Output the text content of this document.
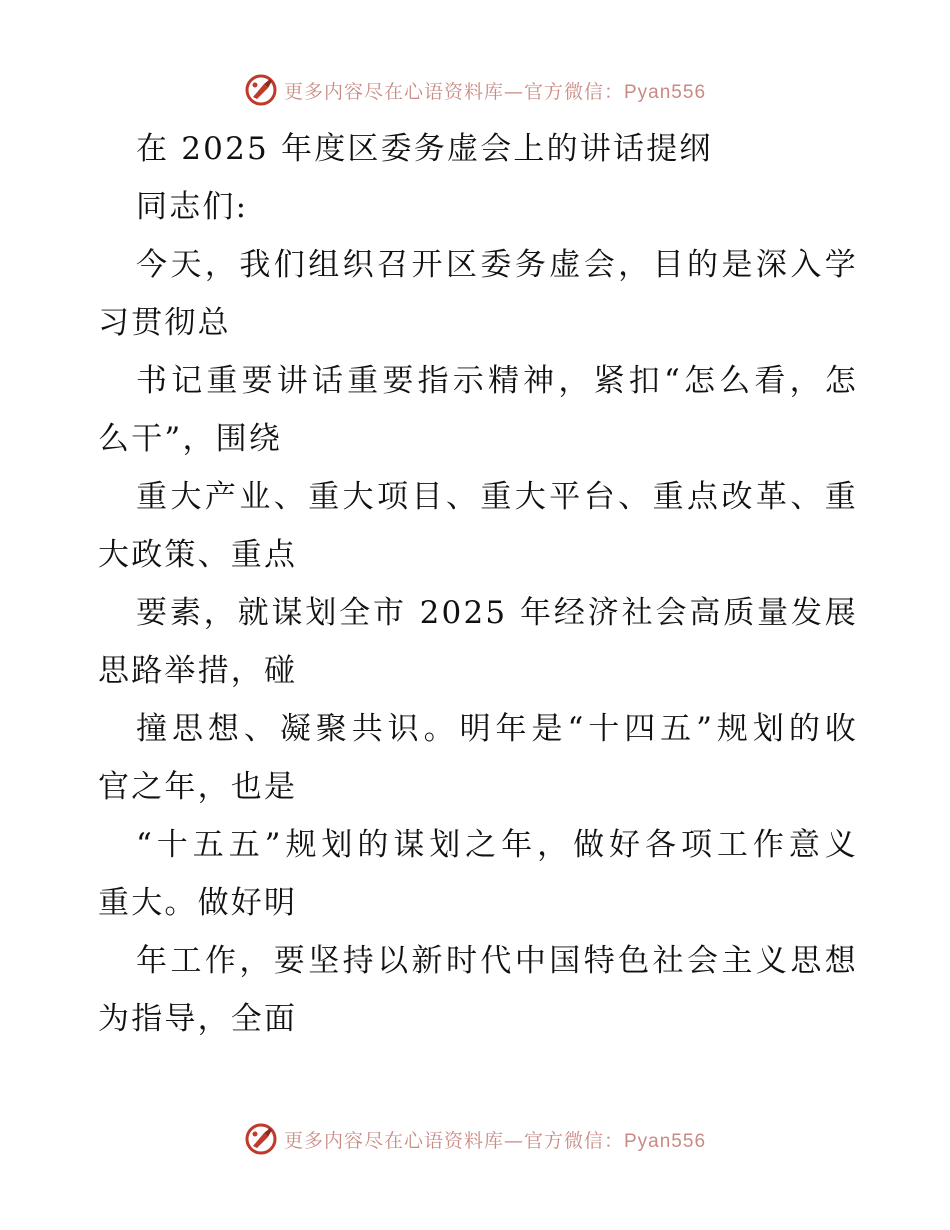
更多内容尽在心语资料库—官方微信：Pyan556
在 2025 年度区委务虚会上的讲话提纲
同志们:
今天，我们组织召开区委务虚会，目的是深入学
习贯彻总
书记重要讲话重要指示精神，紧扣“怎么看，怎
么干”，围绕
重大产业、重大项目、重大平台、重点改革、重
大政策、重点
要素，就谋划全市 2025 年经济社会高质量发展
思路举措，碰
撞思想、凝聚共识。明年是“十四五”规划的收
官之年，也是
“十五五”规划的谋划之年，做好各项工作意义
重大。做好明
年工作，要坚持以新时代中国特色社会主义思想
为指导，全面
更多内容尽在心语资料库—官方微信：Pyan556
